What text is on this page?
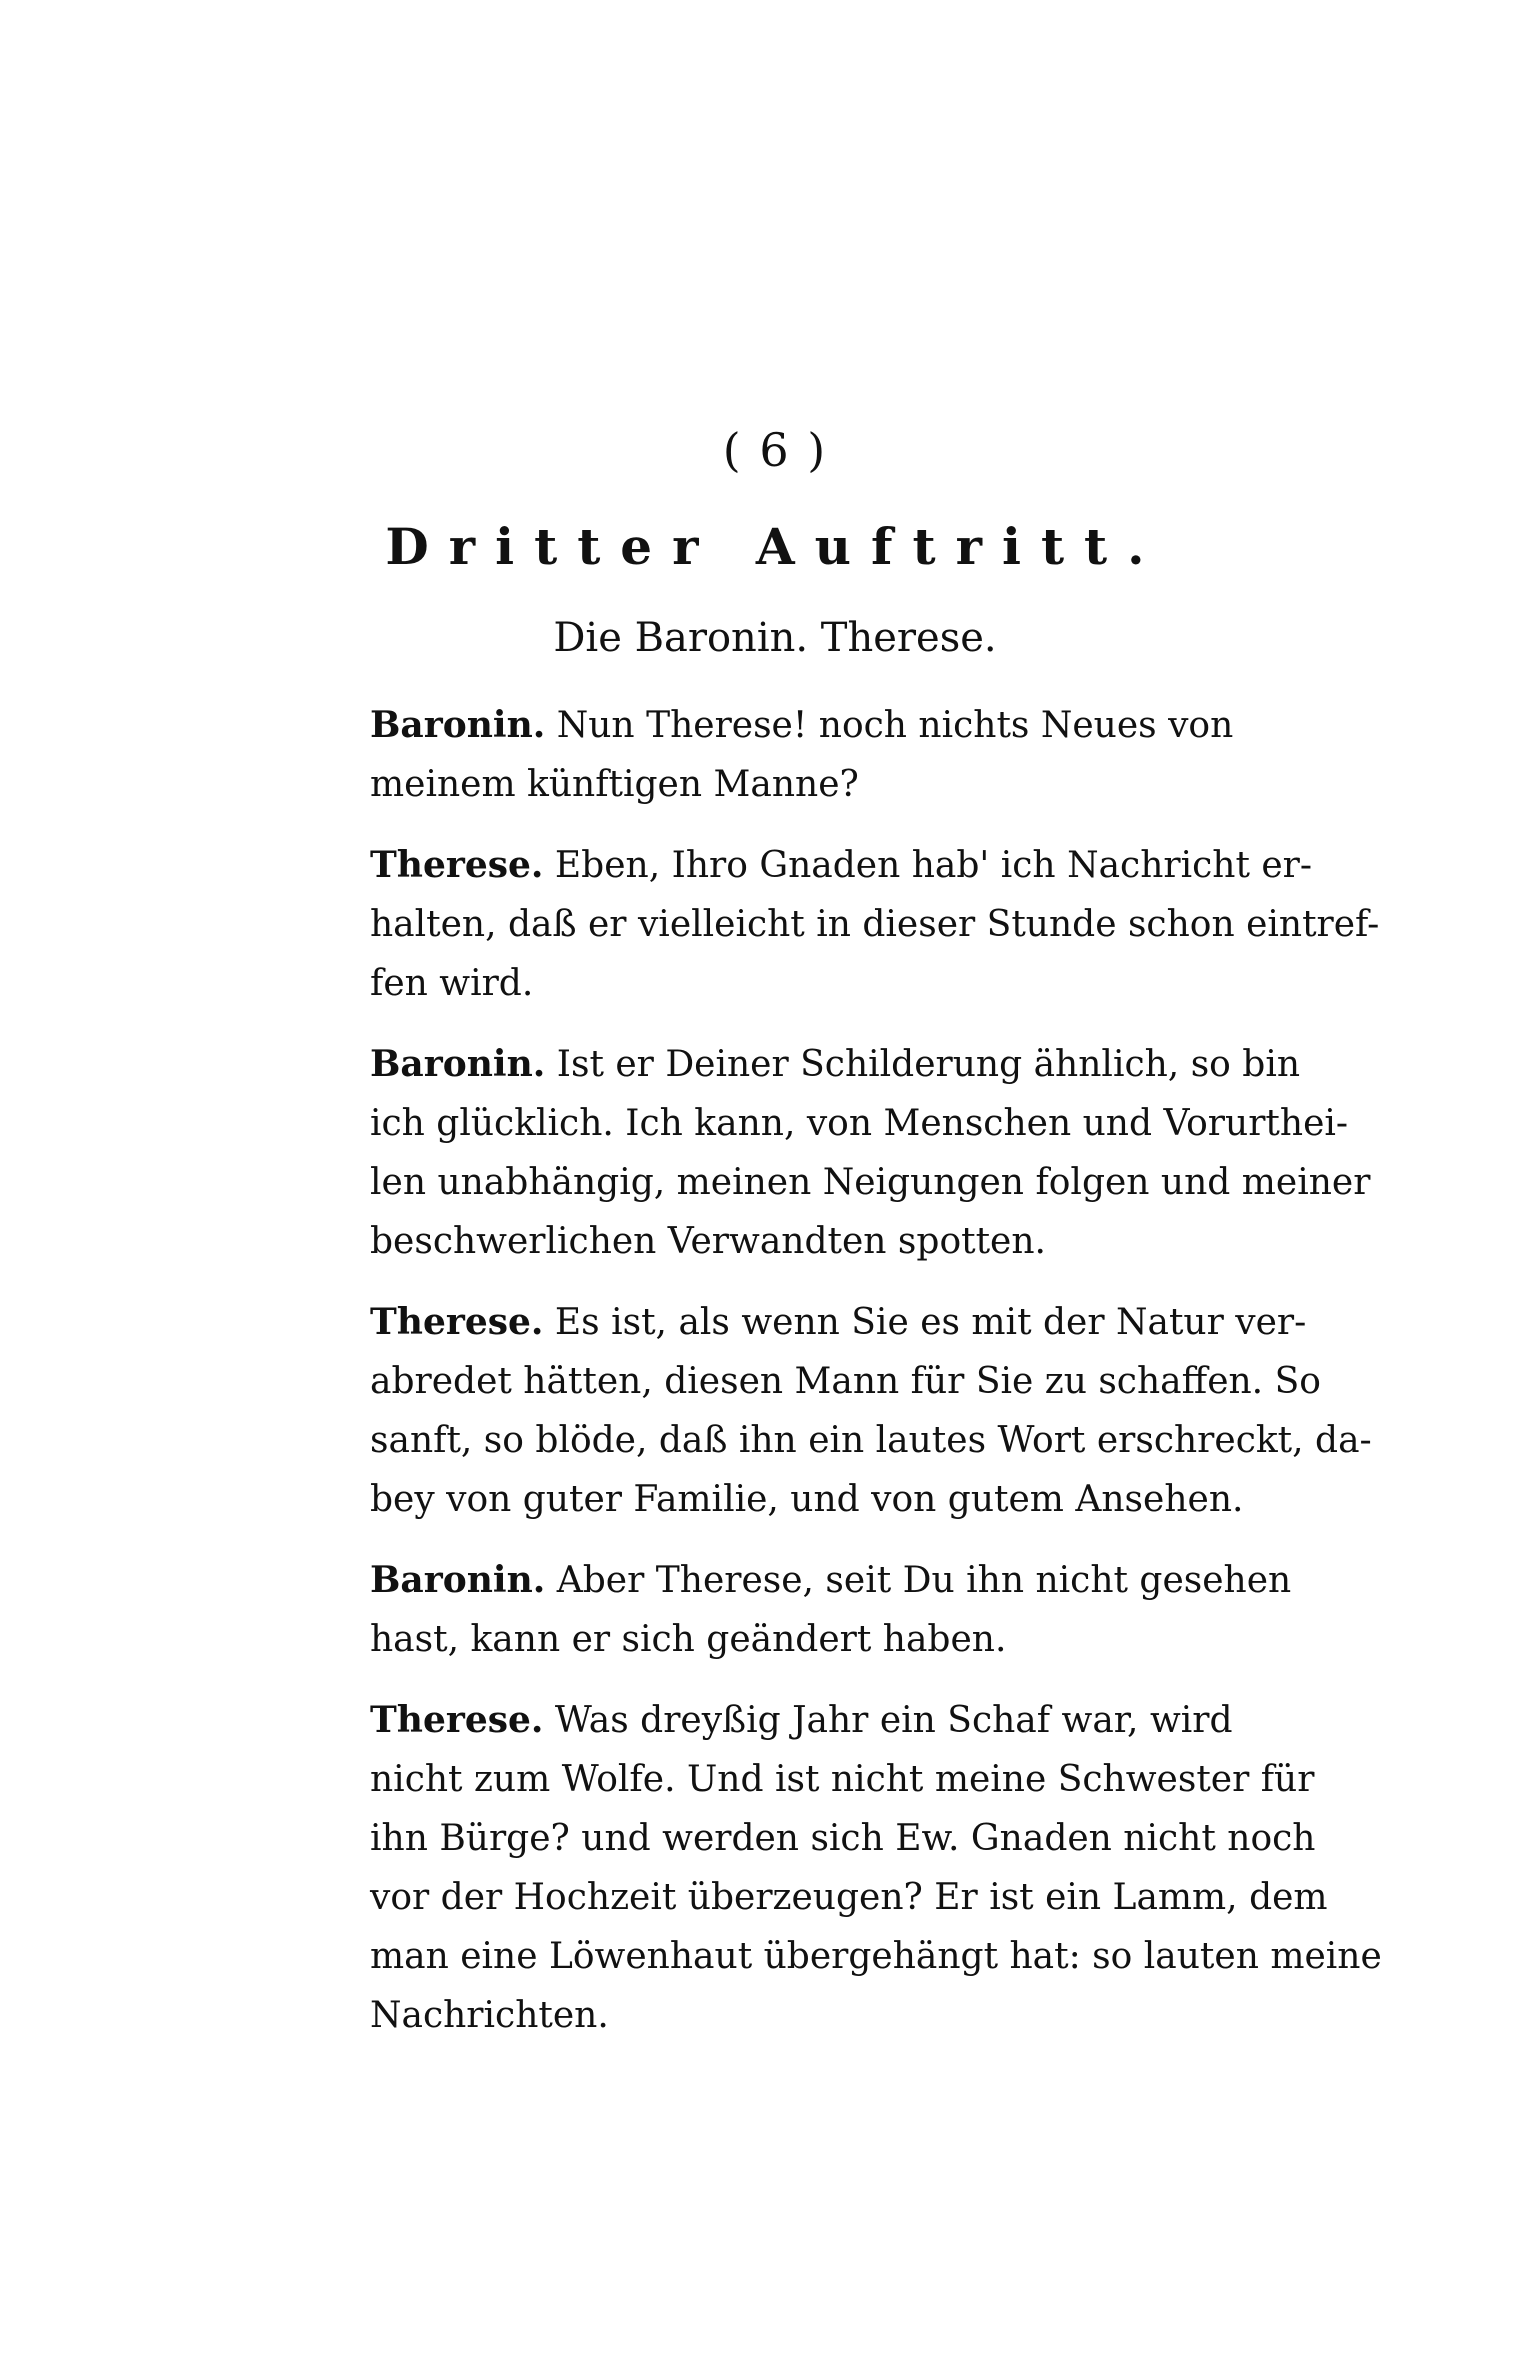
( 6 )
Dritter Auftritt.
Die Baronin. Therese.
Baronin. Nun Therese! noch nichts Neues von
meinem künftigen Manne?
Therese. Eben, Ihro Gnaden hab' ich Nachricht er-
halten, daß er vielleicht in dieser Stunde schon eintref-
fen wird.
Baronin. Ist er Deiner Schilderung ähnlich, so bin
ich glücklich. Ich kann, von Menschen und Vorurthei-
len unabhängig, meinen Neigungen folgen und meiner
beschwerlichen Verwandten spotten.
Therese. Es ist, als wenn Sie es mit der Natur ver-
abredet hätten, diesen Mann für Sie zu schaffen. So
sanft, so blöde, daß ihn ein lautes Wort erschreckt, da-
bey von guter Familie, und von gutem Ansehen.
Baronin. Aber Therese, seit Du ihn nicht gesehen
hast, kann er sich geändert haben.
Therese. Was dreyßig Jahr ein Schaf war, wird
nicht zum Wolfe. Und ist nicht meine Schwester für
ihn Bürge? und werden sich Ew. Gnaden nicht noch
vor der Hochzeit überzeugen? Er ist ein Lamm, dem
man eine Löwenhaut übergehängt hat: so lauten meine
Nachrichten.
